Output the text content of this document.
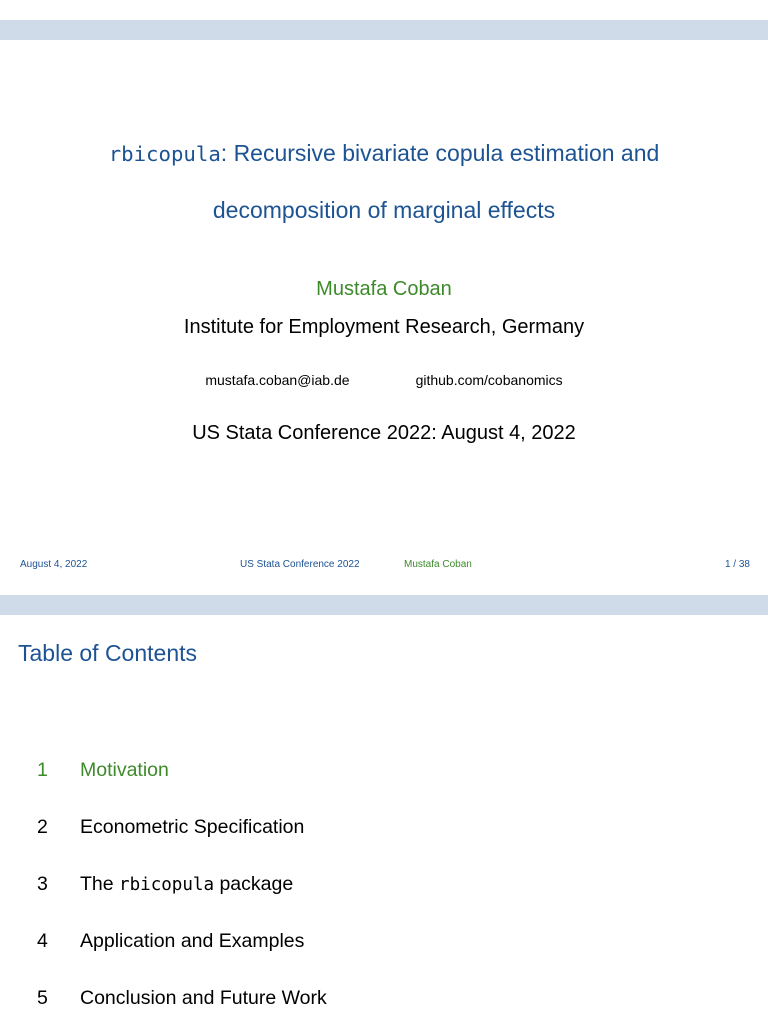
rbicopula: Recursive bivariate copula estimation and
decomposition of marginal effects
Mustafa Coban
Institute for Employment Research, Germany
mustafa.coban@iab.de	github.com/cobanomics
US Stata Conference 2022: August 4, 2022
August 4, 2022	US Stata Conference 2022	Mustafa Coban	1 / 38
Table of Contents
1 Motivation
2 Econometric Specification
3 The rbicopula package
4 Application and Examples
5 Conclusion and Future Work
